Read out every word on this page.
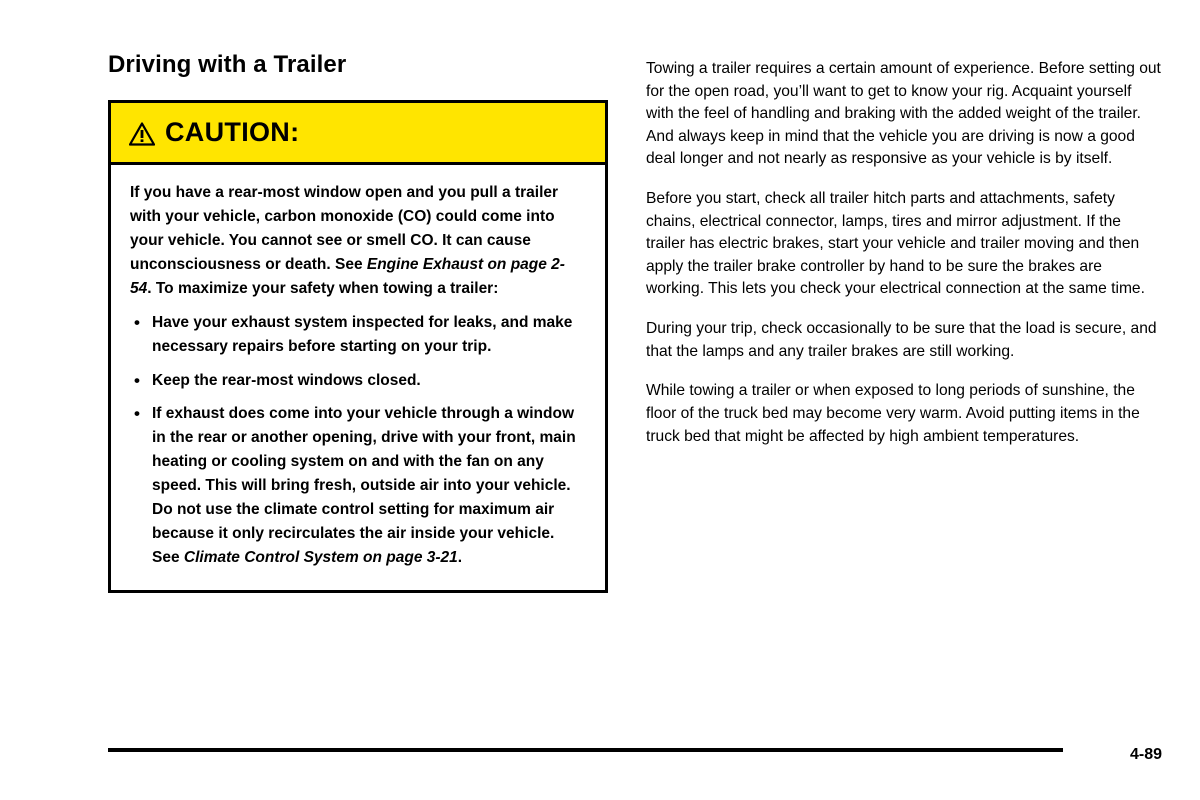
Driving with a Trailer
CAUTION:

If you have a rear-most window open and you pull a trailer with your vehicle, carbon monoxide (CO) could come into your vehicle. You cannot see or smell CO. It can cause unconsciousness or death. See Engine Exhaust on page 2-54. To maximize your safety when towing a trailer:

• Have your exhaust system inspected for leaks, and make necessary repairs before starting on your trip.
• Keep the rear-most windows closed.
• If exhaust does come into your vehicle through a window in the rear or another opening, drive with your front, main heating or cooling system on and with the fan on any speed. This will bring fresh, outside air into your vehicle. Do not use the climate control setting for maximum air because it only recirculates the air inside your vehicle. See Climate Control System on page 3-21.

Towing a trailer requires a certain amount of experience. Before setting out for the open road, you’ll want to get to know your rig. Acquaint yourself with the feel of handling and braking with the added weight of the trailer. And always keep in mind that the vehicle you are driving is now a good deal longer and not nearly as responsive as your vehicle is by itself.

Before you start, check all trailer hitch parts and attachments, safety chains, electrical connector, lamps, tires and mirror adjustment. If the trailer has electric brakes, start your vehicle and trailer moving and then apply the trailer brake controller by hand to be sure the brakes are working. This lets you check your electrical connection at the same time.

During your trip, check occasionally to be sure that the load is secure, and that the lamps and any trailer brakes are still working.

While towing a trailer or when exposed to long periods of sunshine, the floor of the truck bed may become very warm. Avoid putting items in the truck bed that might be affected by high ambient temperatures.

4-89
